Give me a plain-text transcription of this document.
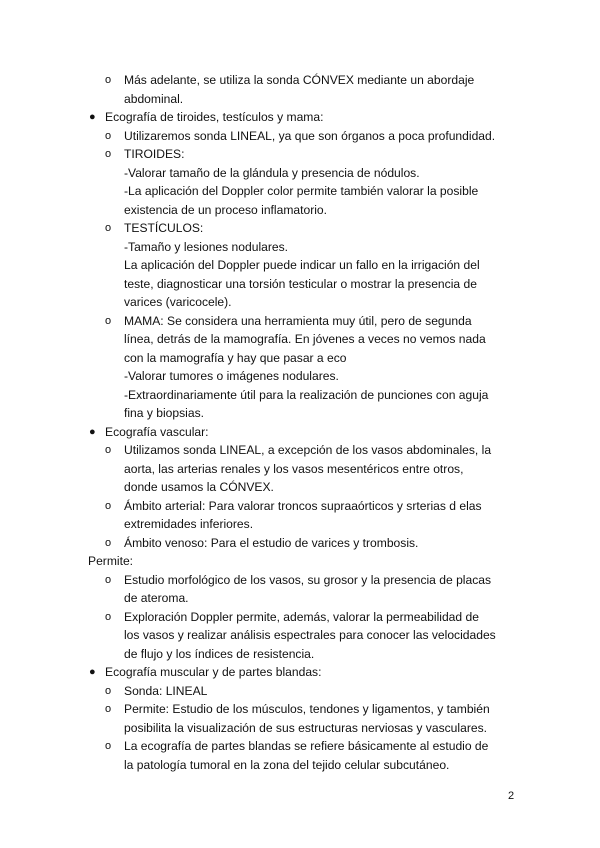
o	Más adelante, se utiliza la sonda CÓNVEX mediante un abordaje
abdominal.
● Ecografía de tiroides, testículos y mama:
o	Utilizaremos sonda LINEAL, ya que son órganos a poca profundidad.
o	TIROIDES:
-Valorar tamaño de la glándula y presencia de nódulos.
-La aplicación del Doppler color permite también valorar la posible
existencia de un proceso inflamatorio.
o	TESTÍCULOS:
-Tamaño y lesiones nodulares.
La aplicación del Doppler puede indicar un fallo en la irrigación del
teste, diagnosticar una torsión testicular o mostrar la presencia de
varices (varicocele).
o	MAMA: Se considera una herramienta muy útil, pero de segunda
línea, detrás de la mamografía. En jóvenes a veces no vemos nada
con la mamografía y hay que pasar a eco
-Valorar tumores o imágenes nodulares.
-Extraordinariamente útil para la realización de punciones con aguja
fina y biopsias.
● Ecografía vascular:
o	Utilizamos sonda LINEAL, a excepción de los vasos abdominales, la
aorta, las arterias renales y los vasos mesentéricos entre otros,
donde usamos la CÓNVEX.
o	Ámbito arterial: Para valorar troncos supraaórticos y srterias d elas
extremidades inferiores.
o	Ámbito venoso: Para el estudio de varices y trombosis.
Permite:
o	Estudio morfológico de los vasos, su grosor y la presencia de placas
de ateroma.
o	Exploración Doppler permite, además, valorar la permeabilidad de
los vasos y realizar análisis espectrales para conocer las velocidades
de flujo y los índices de resistencia.
● Ecografía muscular y de partes blandas:
o	Sonda: LINEAL
o	Permite: Estudio de los músculos, tendones y ligamentos, y también
posibilita la visualización de sus estructuras nerviosas y vasculares.
o	La ecografía de partes blandas se refiere básicamente al estudio de
la patología tumoral en la zona del tejido celular subcutáneo.
2
